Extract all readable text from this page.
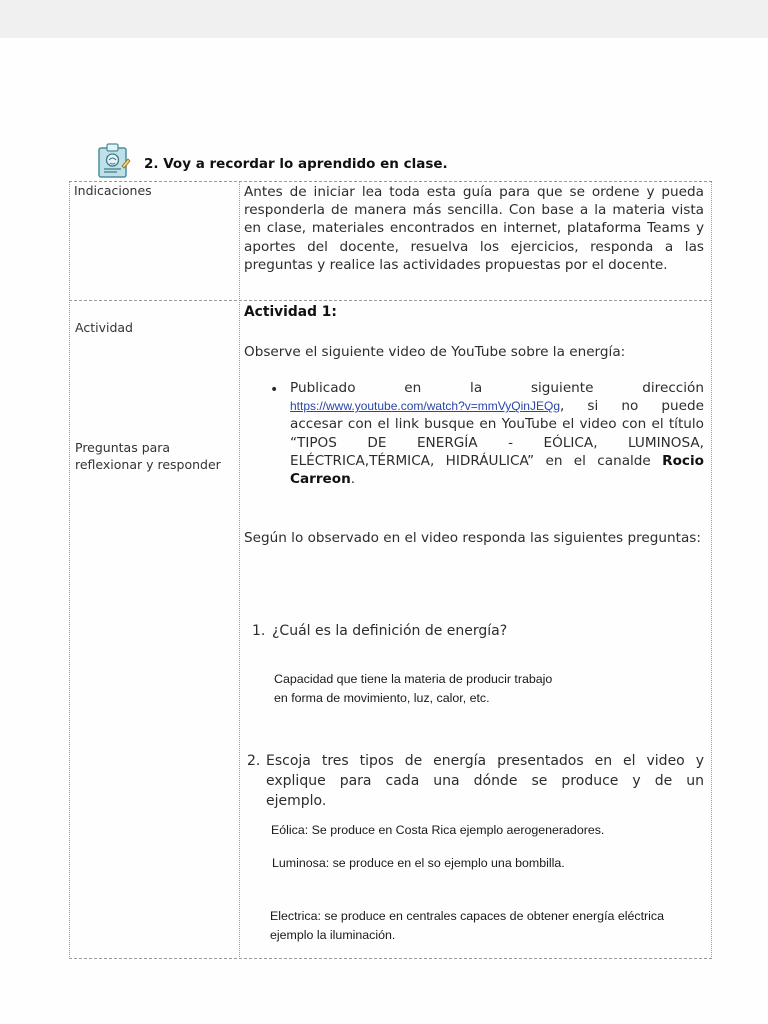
2. Voy a recordar lo aprendido en clase.
Indicaciones
Actividad
Preguntas para
reflexionar y responder
Antes de iniciar lea toda esta guía para que se ordene y pueda responderla de manera más sencilla. Con base a la materia vista en clase, materiales encontrados en internet, plataforma Teams y aportes del docente, resuelva los ejercicios, responda a las preguntas y realice las actividades propuestas por el docente.
Actividad 1:
Observe el siguiente video de YouTube sobre la energía:
• Publicado en la siguiente dirección https://www.youtube.com/watch?v=mmVyQinJEQg, si no puede accesar con el link busque en YouTube el video con el título “TIPOS DE ENERGÍA - EÓLICA, LUMINOSA, ELÉCTRICA,TÉRMICA, HIDRÁULICA” en el canalde Rocio Carreon.
Según lo observado en el video responda las siguientes preguntas:
1. ¿Cuál es la definición de energía?
Capacidad que tiene la materia de producir trabajo
en forma de movimiento, luz, calor, etc.
2. Escoja tres tipos de energía presentados en el video y
explique para cada una dónde se produce y de un
ejemplo.
Eólica: Se produce en Costa Rica ejemplo aerogeneradores.
Luminosa: se produce en el so ejemplo una bombilla.
Electrica: se produce en centrales capaces de obtener energía eléctrica
ejemplo la iluminación.
